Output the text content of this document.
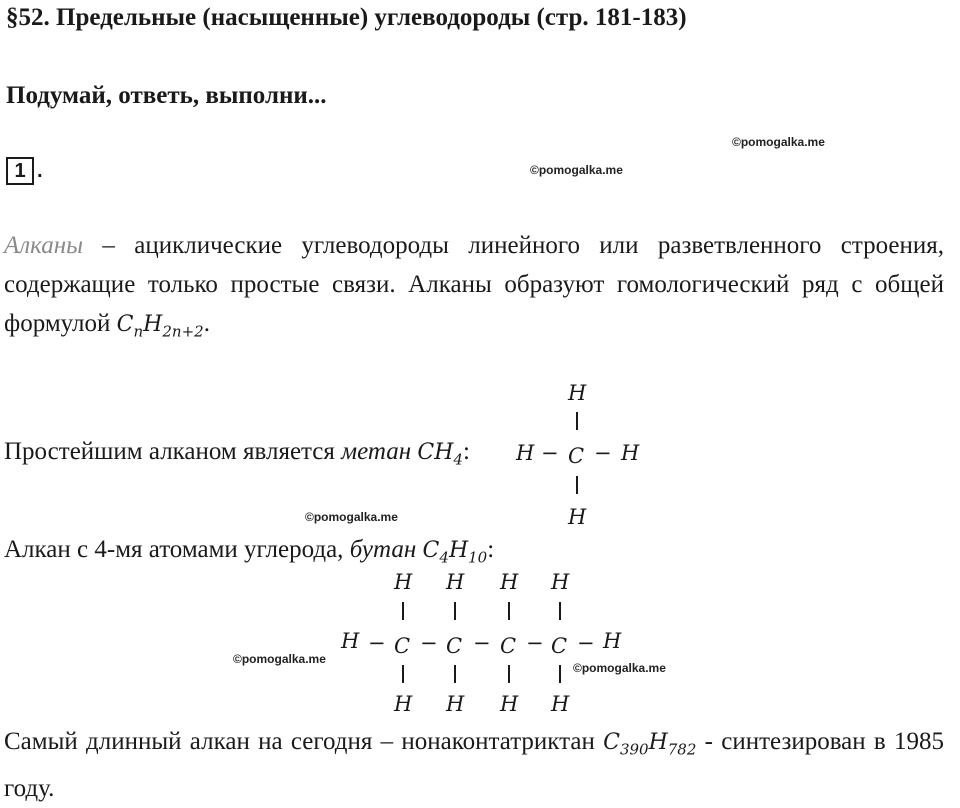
§52. Предельные (насыщенные) углеводороды (стр. 181-183)
Подумай, ответь, выполни...
©pomogalka.me
©pomogalka.me
1 .
Алканы – ациклические углеводороды линейного или разветвленного строения, содержащие только простые связи. Алканы образуют гомологический ряд с общей формулой $C_nH_{2n+2}$.
Простейшим алканом является метан $CH_4$:
H
H − C − H
H
©pomogalka.me
Алкан с 4-мя атомами углерода, бутан $C_4H_{10}$:
H H H H
H − C − C − C − C − H
H H H H
©pomogalka.me
©pomogalka.me
Самый длинный алкан на сегодня – нонаконтатриктан $C_{390}H_{782}$ - синтезирован в 1985 году.
